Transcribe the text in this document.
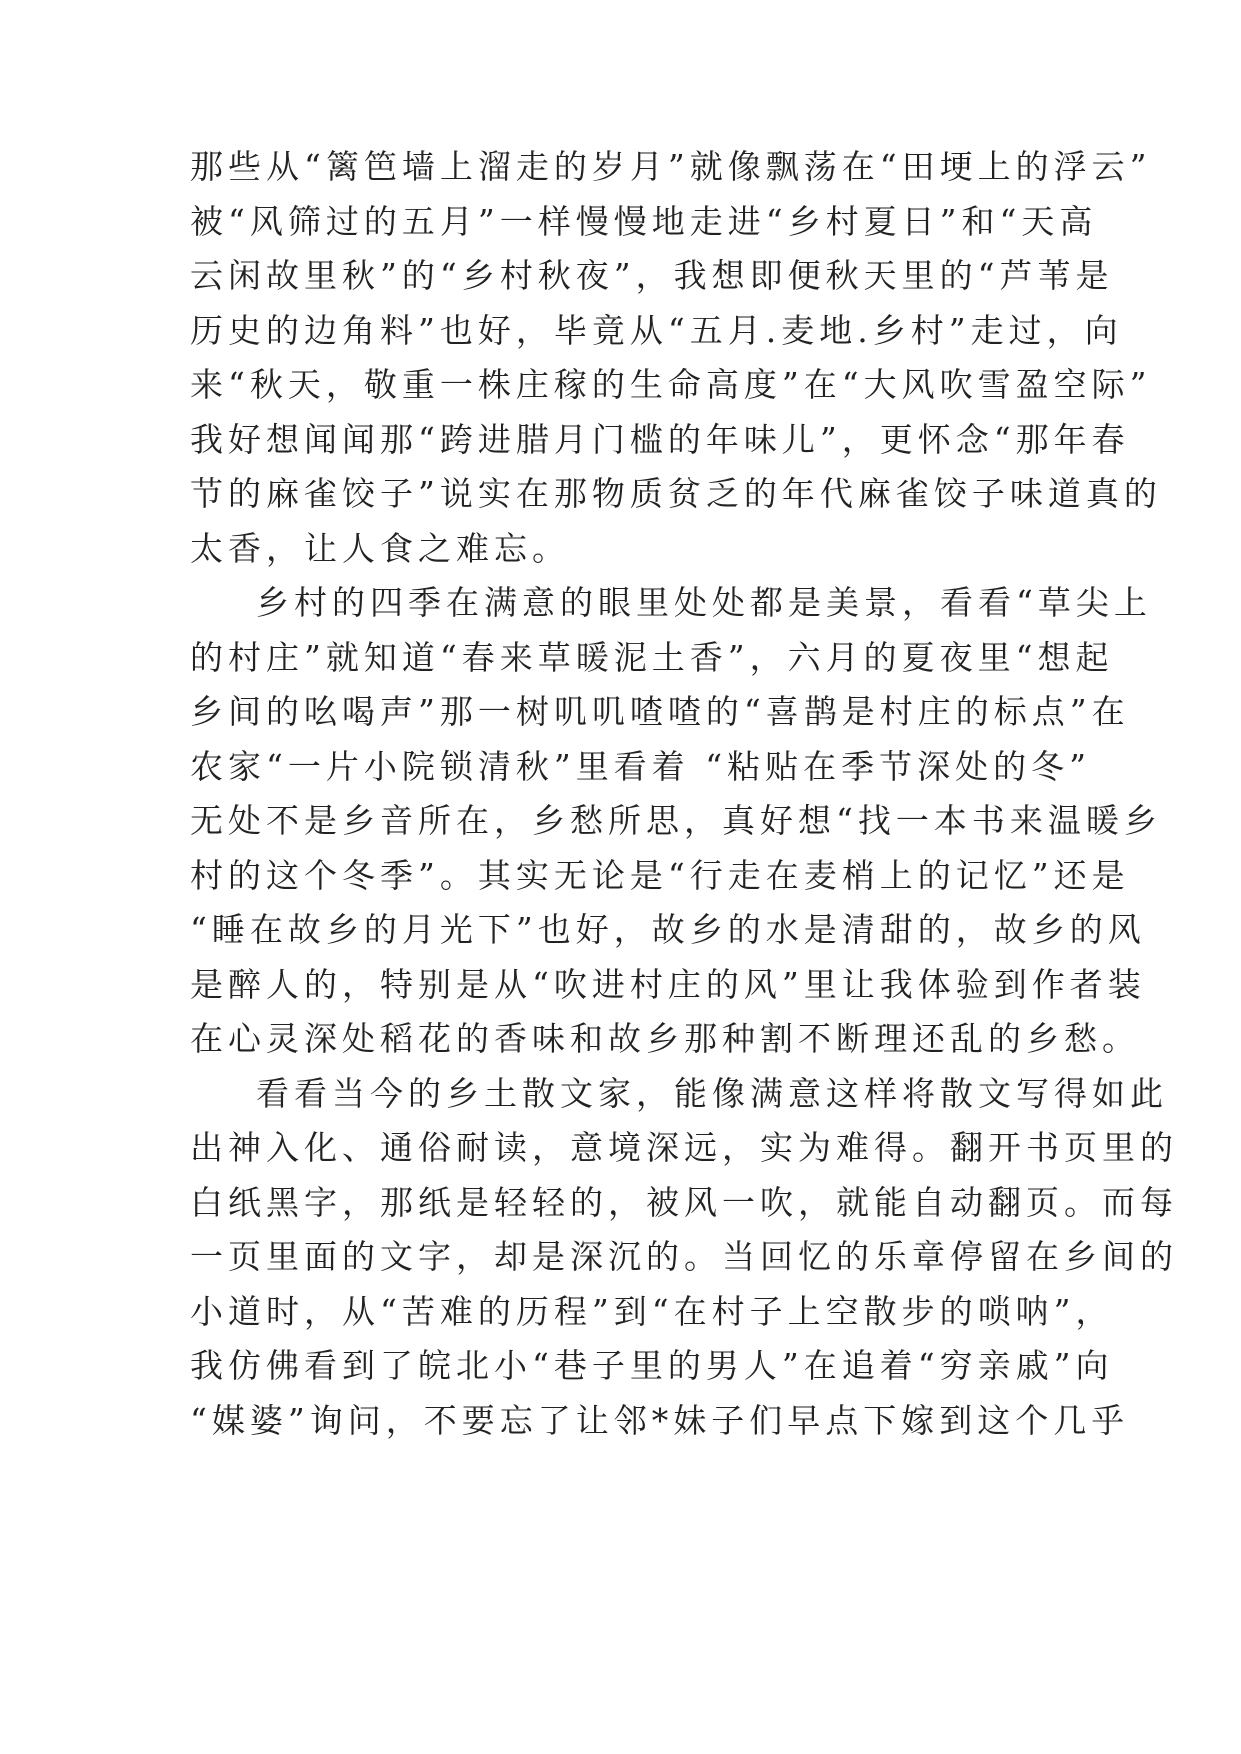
那些从“篱笆墙上溜走的岁月”就像飘荡在“田埂上的浮云”
被“风筛过的五月”一样慢慢地走进“乡村夏日”和“天高
云闲故里秋”的“乡村秋夜”，我想即便秋天里的“芦苇是
历史的边角料”也好，毕竟从“五月.麦地.乡村”走过，向
来“秋天，敬重一株庄稼的生命高度”在“大风吹雪盈空际”
我好想闻闻那“跨进腊月门槛的年味儿”，更怀念“那年春
节的麻雀饺子”说实在那物质贫乏的年代麻雀饺子味道真的
太香，让人食之难忘。
乡村的四季在满意的眼里处处都是美景，看看“草尖上
的村庄”就知道“春来草暖泥土香”，六月的夏夜里“想起
乡间的吆喝声”那一树叽叽喳喳的“喜鹊是村庄的标点”在
农家“一片小院锁清秋”里看着 “粘贴在季节深处的冬”
无处不是乡音所在，乡愁所思，真好想“找一本书来温暖乡
村的这个冬季”。其实无论是“行走在麦梢上的记忆”还是
“睡在故乡的月光下”也好，故乡的水是清甜的，故乡的风
是醉人的，特别是从“吹进村庄的风”里让我体验到作者装
在心灵深处稻花的香味和故乡那种割不断理还乱的乡愁。
看看当今的乡土散文家，能像满意这样将散文写得如此
出神入化、通俗耐读，意境深远，实为难得。翻开书页里的
白纸黑字，那纸是轻轻的，被风一吹，就能自动翻页。而每
一页里面的文字，却是深沉的。当回忆的乐章停留在乡间的
小道时，从“苦难的历程”到“在村子上空散步的唢呐”，
我仿佛看到了皖北小“巷子里的男人”在追着“穷亲戚”向
“媒婆”询问，不要忘了让邻*妹子们早点下嫁到这个几乎
